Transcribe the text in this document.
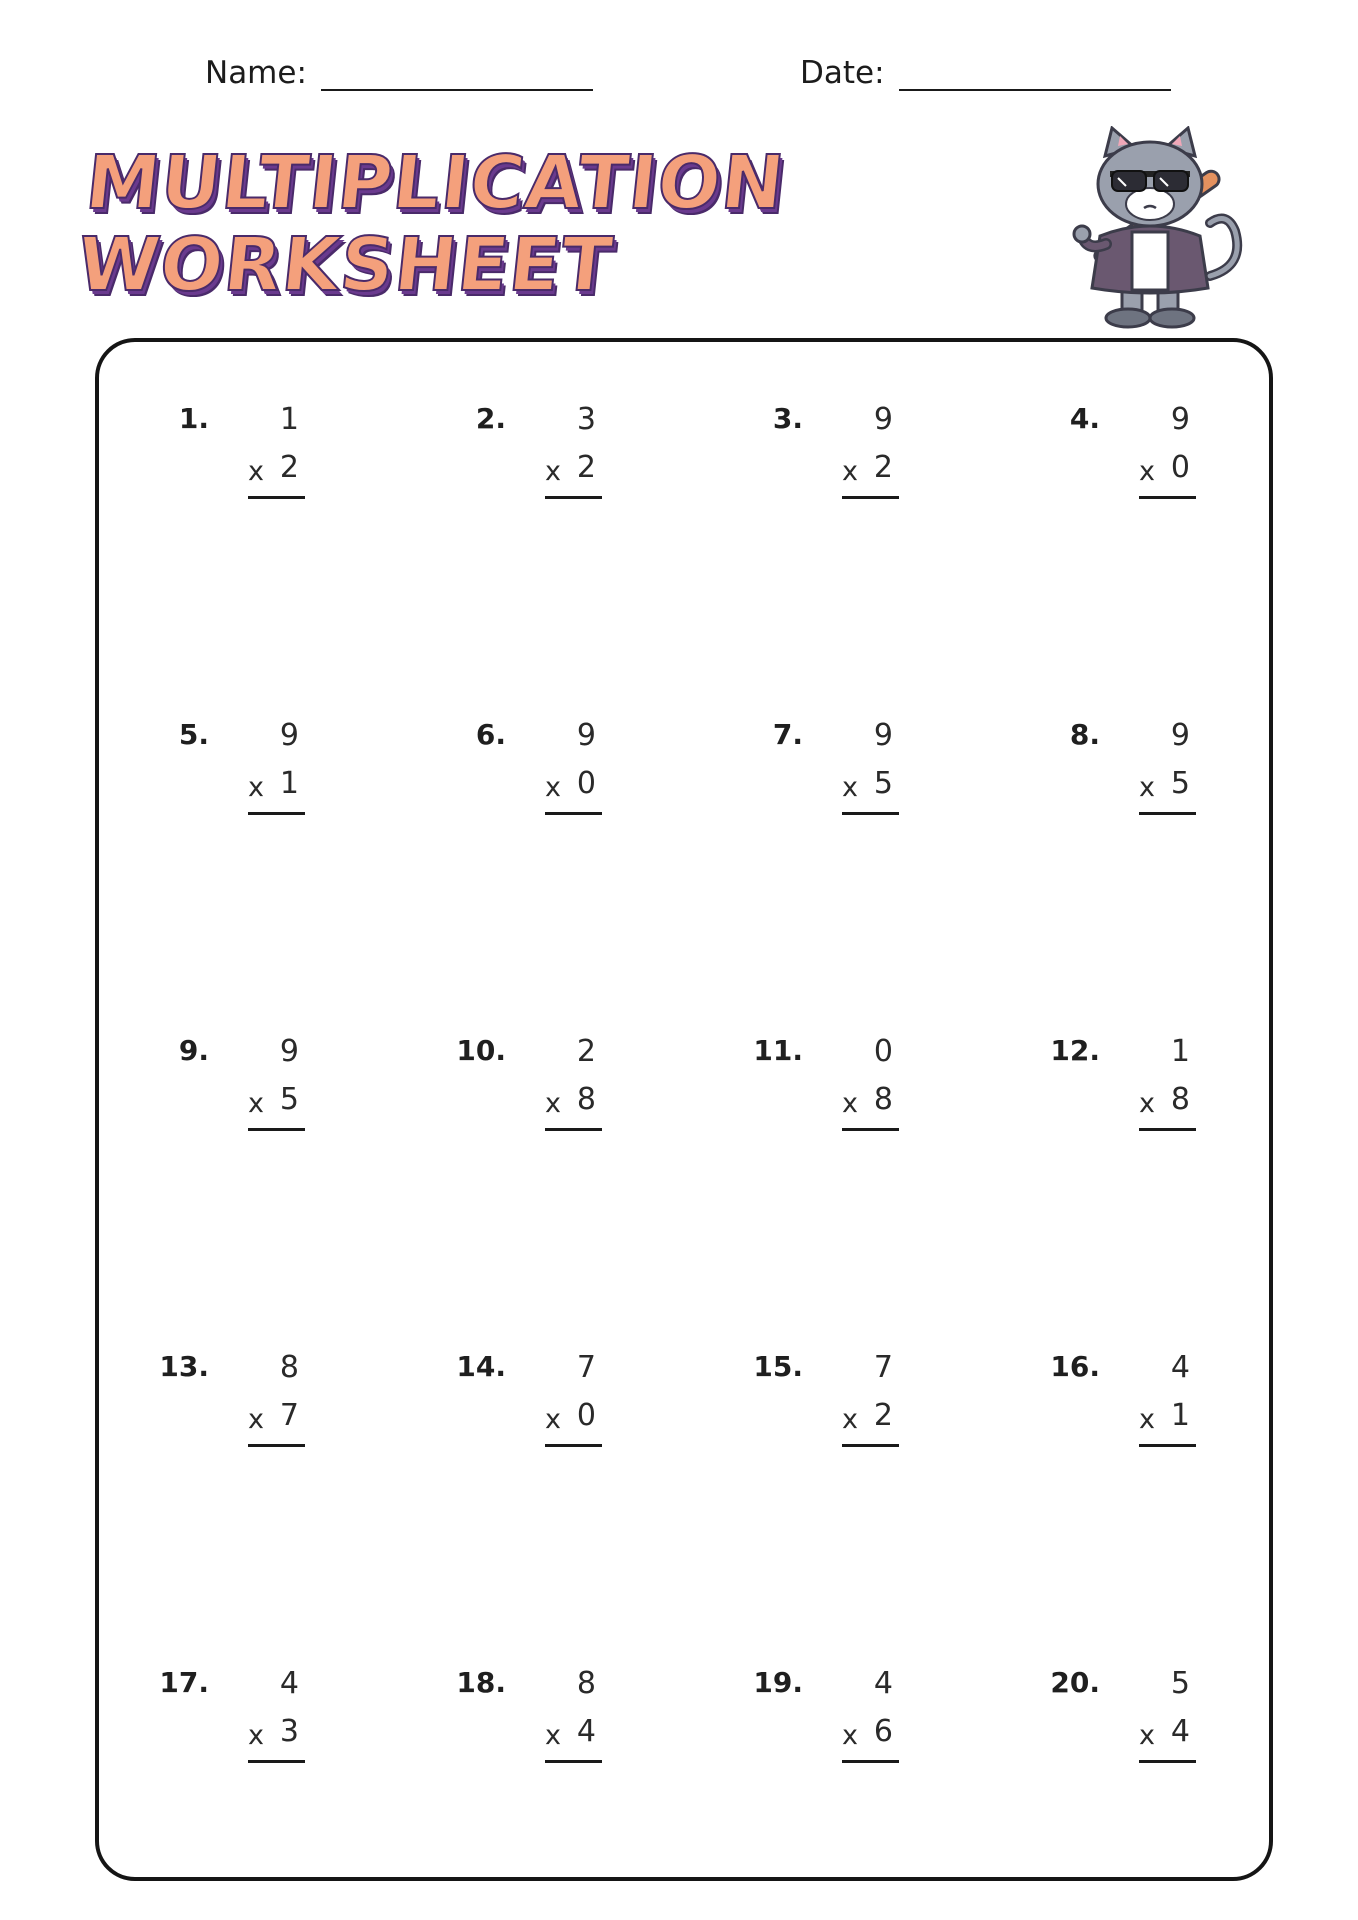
Name:	Date:
MULTIPLICATION
WORKSHEET
1.	1
x 2
2.	3
x 2
3.	9
x 2
4.	9
x 0
5.	9
x 1
6.	9
x 0
7.	9
x 5
8.	9
x 5
9.	9
x 5
10.	2
x 8
11.	0
x 8
12.	1
x 8
13.	8
x 7
14.	7
x 0
15.	7
x 2
16.	4
x 1
17.	4
x 3
18.	8
x 4
19.	4
x 6
20.	5
x 4
